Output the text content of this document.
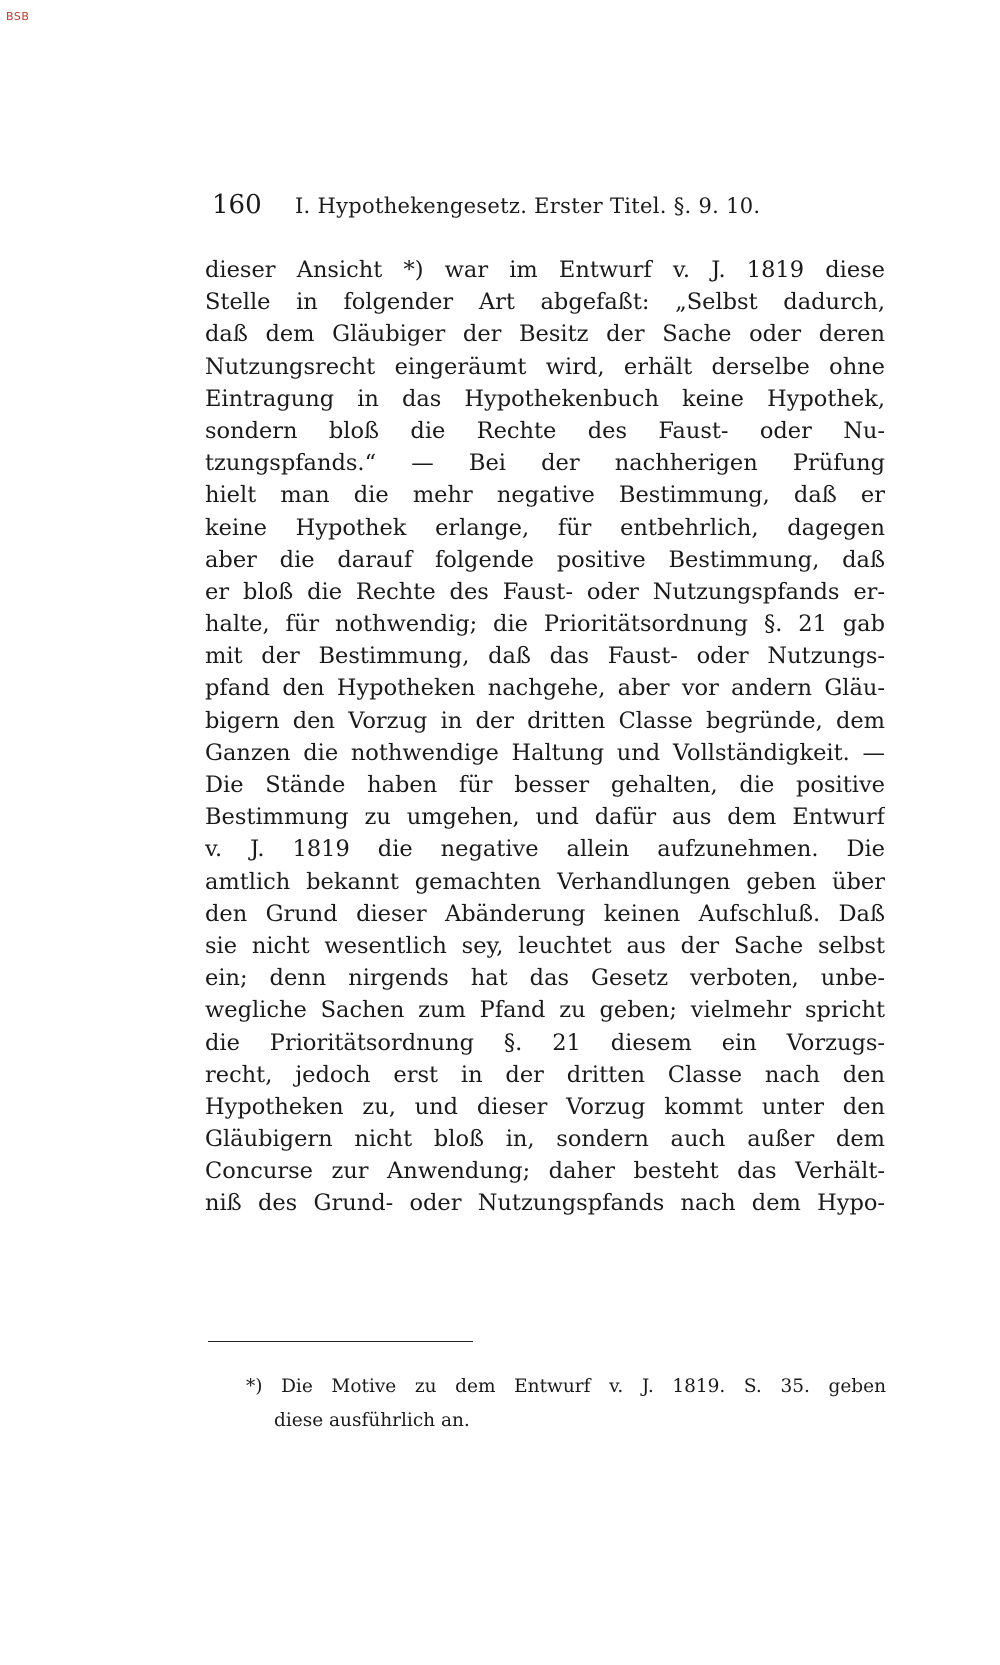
BSB
160 I. Hypothekengesetz. Erster Titel. §. 9. 10.
dieser Ansicht *) war im Entwurf v. J. 1819 diese
Stelle in folgender Art abgefaßt: „Selbst dadurch,
daß dem Gläubiger der Besitz der Sache oder deren
Nutzungsrecht eingeräumt wird, erhält derselbe ohne
Eintragung in das Hypothekenbuch keine Hypothek,
sondern bloß die Rechte des Faust- oder Nu-
tzungspfands.“ — Bei der nachherigen Prüfung
hielt man die mehr negative Bestimmung, daß er
keine Hypothek erlange, für entbehrlich, dagegen
aber die darauf folgende positive Bestimmung, daß
er bloß die Rechte des Faust- oder Nutzungspfands er-
halte, für nothwendig; die Prioritätsordnung §. 21 gab
mit der Bestimmung, daß das Faust- oder Nutzungs-
pfand den Hypotheken nachgehe, aber vor andern Gläu-
bigern den Vorzug in der dritten Classe begründe, dem
Ganzen die nothwendige Haltung und Vollständigkeit. —
Die Stände haben für besser gehalten, die positive
Bestimmung zu umgehen, und dafür aus dem Entwurf
v. J. 1819 die negative allein aufzunehmen. Die
amtlich bekannt gemachten Verhandlungen geben über
den Grund dieser Abänderung keinen Aufschluß. Daß
sie nicht wesentlich sey, leuchtet aus der Sache selbst
ein; denn nirgends hat das Gesetz verboten, unbe-
wegliche Sachen zum Pfand zu geben; vielmehr spricht
die Prioritätsordnung §. 21 diesem ein Vorzugs-
recht, jedoch erst in der dritten Classe nach den
Hypotheken zu, und dieser Vorzug kommt unter den
Gläubigern nicht bloß in, sondern auch außer dem
Concurse zur Anwendung; daher besteht das Verhält-
niß des Grund- oder Nutzungspfands nach dem Hypo-
*) Die Motive zu dem Entwurf v. J. 1819. S. 35. geben
diese ausführlich an.
